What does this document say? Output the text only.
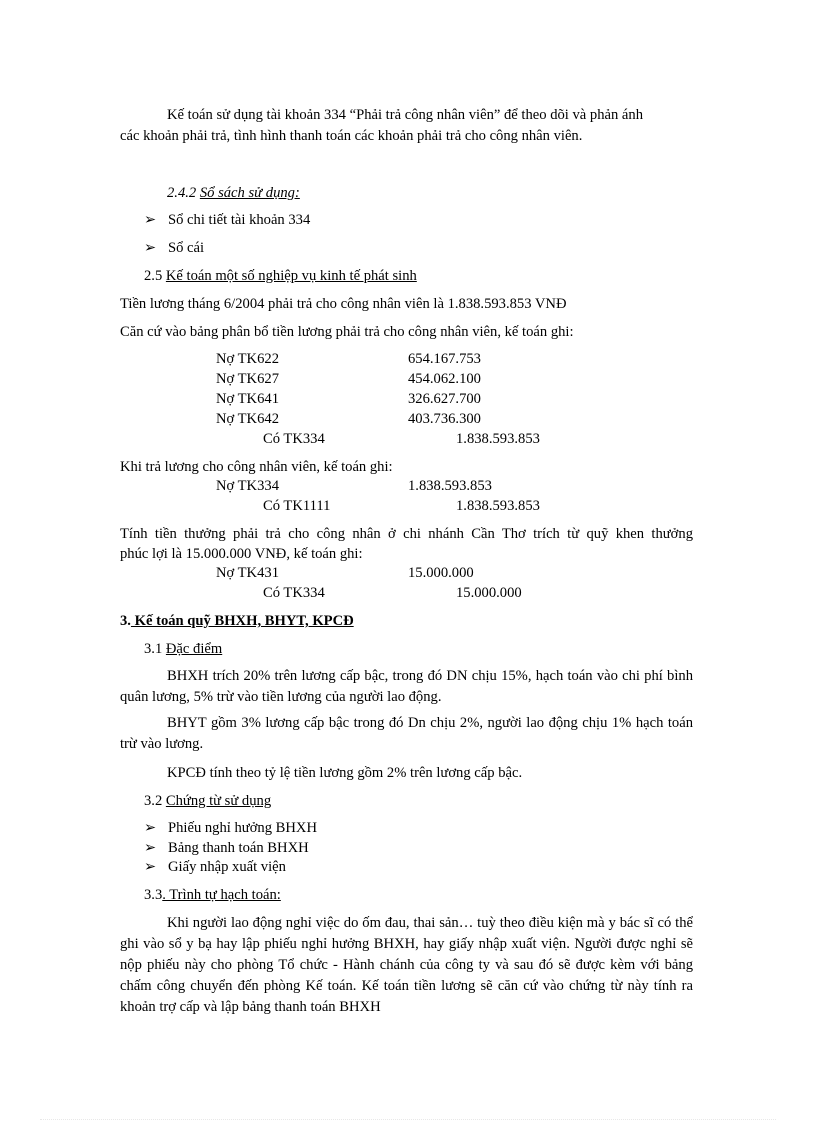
Kế toán sử dụng tài khoản 334 “Phải trả công nhân viên” để theo dõi và phản ánh
các khoản phải trả, tình hình thanh toán các khoản phải trả cho công nhân viên.
2.4.2 Sổ sách sử dụng:
➢ Sổ chi tiết tài khoản 334
➢ Sổ cái
2.5 Kế toán một số nghiệp vụ kinh tế phát sinh
Tiền lương tháng 6/2004 phải trả cho công nhân viên là 1.838.593.853 VNĐ
Căn cứ vào bảng phân bổ tiền lương phải trả cho công nhân viên, kế toán ghi:
Nợ TK622	654.167.753
Nợ TK627	454.062.100
Nợ TK641	326.627.700
Nợ TK642	403.736.300
Có TK334	1.838.593.853
Khi trả lương cho công nhân viên, kế toán ghi:
Nợ TK334	1.838.593.853
Có TK1111	1.838.593.853
Tính tiền thưởng phải trả cho công nhân ở chi nhánh Cần Thơ trích từ quỹ khen thưởng
phúc lợi là 15.000.000 VNĐ, kế toán ghi:
Nợ TK431	15.000.000
Có TK334	15.000.000
3. Kế toán quỹ BHXH, BHYT, KPCĐ
3.1 Đặc điểm
BHXH trích 20% trên lương cấp bậc, trong đó DN chịu 15%, hạch toán vào chi phí bình quân lương, 5% trừ vào tiền lương của người lao động.
BHYT gồm 3% lương cấp bậc trong đó Dn chịu 2%, người lao động chịu 1% hạch toán trừ vào lương.
KPCĐ tính theo tỷ lệ tiền lương gồm 2% trên lương cấp bậc.
3.2 Chứng từ sử dụng
➢ Phiếu nghỉ hưởng BHXH
➢ Bảng thanh toán BHXH
➢ Giấy nhập xuất viện
3.3. Trình tự hạch toán:
Khi người lao động nghỉ việc do ốm đau, thai sản… tuỳ theo điều kiện mà y bác sĩ có thể ghi vào sổ y bạ hay lập phiếu nghỉ hưởng BHXH, hay giấy nhập xuất viện. Người được nghỉ sẽ nộp phiếu này cho phòng Tổ chức - Hành chánh của công ty và sau đó sẽ được kèm với bảng chấm công chuyển đến phòng Kế toán. Kế toán tiền lương sẽ căn cứ vào chứng từ này tính ra khoản trợ cấp và lập bảng thanh toán BHXH
